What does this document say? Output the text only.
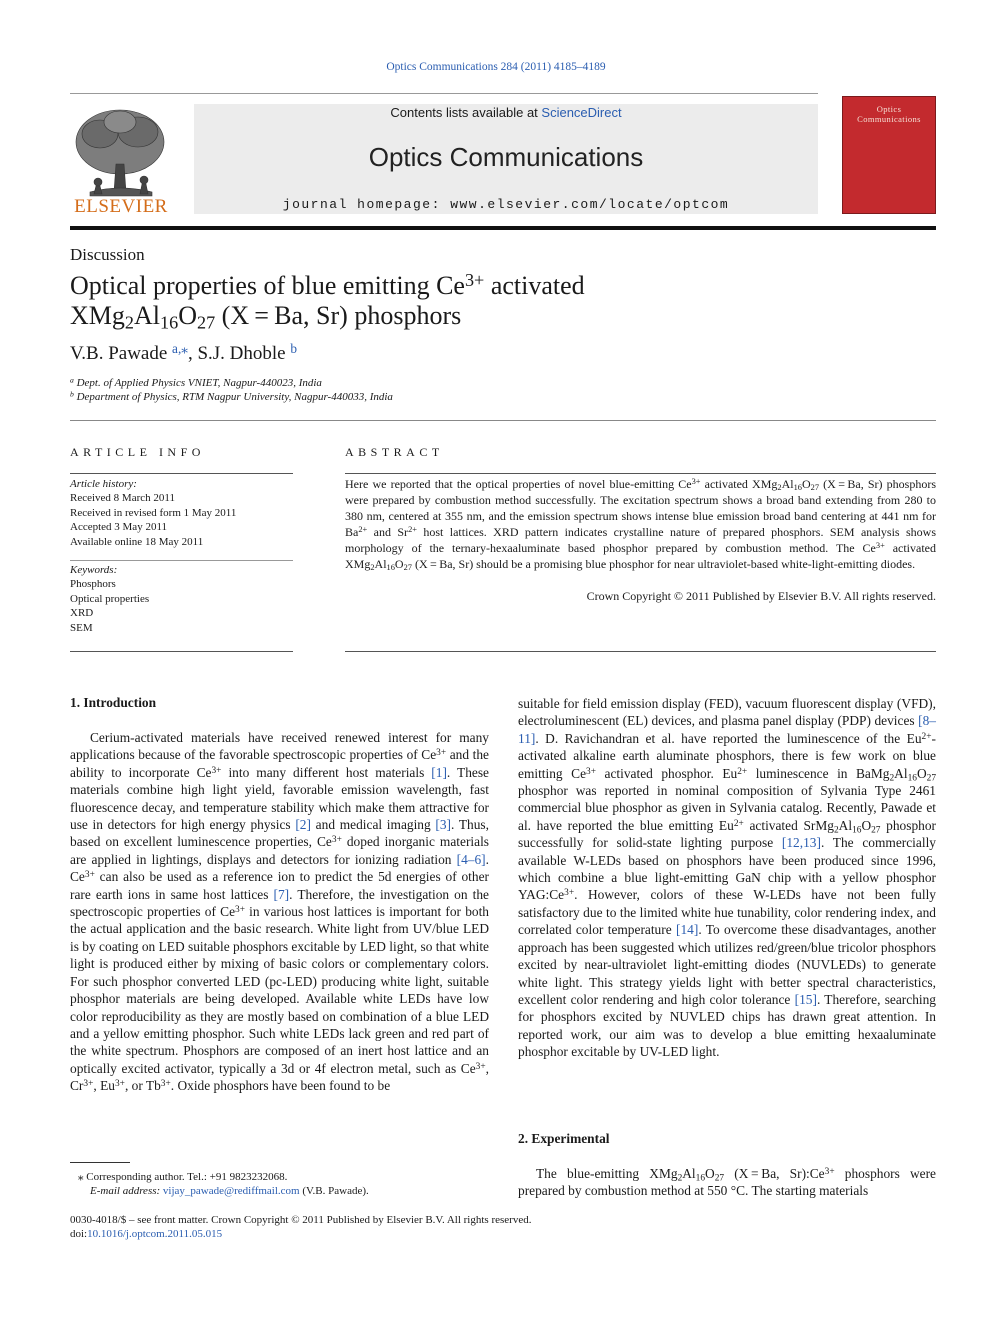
Optics Communications 284 (2011) 4185–4189
ELSEVIER
Contents lists available at ScienceDirect
Optics Communications
journal homepage: www.elsevier.com/locate/optcom
Optics
Communications
Discussion
Optical properties of blue emitting $Ce^{3+}$ activated
$XMg_2Al_{16}O_{27}$ (X = Ba, Sr) phosphors
V.B. Pawade $^{a,⁎}$, S.J. Dhoble $^b$
$^a$ Dept. of Applied Physics VNIET, Nagpur-440023, India
$^b$ Department of Physics, RTM Nagpur University, Nagpur-440033, India
ARTICLE INFO	ABSTRACT
Article history:
Received 8 March 2011
Received in revised form 1 May 2011
Accepted 3 May 2011
Available online 18 May 2011
Keywords:
Phosphors
Optical properties
XRD
SEM
Here we reported that the optical properties of novel blue-emitting $Ce^{3+}$ activated $XMg_2Al_{16}O_{27}$ (X = Ba, Sr) phosphors were prepared by combustion method successfully. The excitation spectrum shows a broad band extending from 280 to 380 nm, centered at 355 nm, and the emission spectrum shows intense blue emission broad band centering at 441 nm for $Ba^{2+}$ and $Sr^{2+}$ host lattices. XRD pattern indicates crystalline nature of prepared phosphors. SEM analysis shows morphology of the ternary-hexaaluminate based phosphor prepared by combustion method. The $Ce^{3+}$ activated $XMg_2Al_{16}O_{27}$ (X = Ba, Sr) should be a promising blue phosphor for near ultraviolet-based white-light-emitting diodes.
Crown Copyright © 2011 Published by Elsevier B.V. All rights reserved.
1. Introduction
Cerium-activated materials have received renewed interest for many applications because of the favorable spectroscopic properties of $Ce^{3+}$ and the ability to incorporate $Ce^{3+}$ into many different host materials [1]. These materials combine high light yield, favorable emission wavelength, fast fluorescence decay, and temperature stability which make them attractive for use in detectors for high energy physics [2] and medical imaging [3]. Thus, based on excellent luminescence properties, $Ce^{3+}$ doped inorganic materials are applied in lightings, displays and detectors for ionizing radiation [4–6]. $Ce^{3+}$ can also be used as a reference ion to predict the 5d energies of other rare earth ions in same host lattices [7]. Therefore, the investigation on the spectroscopic properties of $Ce^{3+}$ in various host lattices is important for both the actual application and the basic research. White light from UV/blue LED is by coating on LED suitable phosphors excitable by LED light, so that white light is produced either by mixing of basic colors or complementary colors. For such phosphor converted LED (pc-LED) producing white light, suitable phosphor materials are being developed. Available white LEDs have low color reproducibility as they are mostly based on combination of a blue LED and a yellow emitting phosphor. Such white LEDs lack green and red part of the white spectrum. Phosphors are composed of an inert host lattice and an optically excited activator, typically a 3d or 4f electron metal, such as $Ce^{3+}$, $Cr^{3+}$, $Eu^{3+}$, or $Tb^{3+}$. Oxide phosphors have been found to be
suitable for field emission display (FED), vacuum fluorescent display (VFD), electroluminescent (EL) devices, and plasma panel display (PDP) devices [8–11]. D. Ravichandran et al. have reported the luminescence of the $Eu^{2+}$-activated alkaline earth aluminate phosphors, there is few work on blue emitting $Ce^{3+}$ activated phosphor. $Eu^{2+}$ luminescence in $BaMg_2Al_{16}O_{27}$ phosphor was reported in nominal composition of Sylvania Type 2461 commercial blue phosphor as given in Sylvania catalog. Recently, Pawade et al. have reported the blue emitting $Eu^{2+}$ activated $SrMg_2Al_{16}O_{27}$ phosphor successfully for solid-state lighting purpose [12,13]. The commercially available W-LEDs based on phosphors have been produced since 1996, which combine a blue light-emitting GaN chip with a yellow phosphor $YAG:Ce^{3+}$. However, colors of these W-LEDs have not been fully satisfactory due to the limited white hue tunability, color rendering index, and correlated color temperature [14]. To overcome these disadvantages, another approach has been suggested which utilizes red/green/blue tricolor phosphors excited by near-ultraviolet light-emitting diodes (NUVLEDs) to generate white light. This strategy yields light with better spectral characteristics, excellent color rendering and high color tolerance [15]. Therefore, searching for phosphors excited by NUVLED chips has drawn great attention. In reported work, our aim was to develop a blue emitting hexaaluminate phosphor excitable by UV-LED light.
2. Experimental
The blue-emitting $XMg_2Al_{16}O_{27}$ (X = Ba, $Sr):Ce^{3+}$ phosphors were prepared by combustion method at 550 °C. The starting materials
⁎ Corresponding author. Tel.: +91 9823232068.
E-mail address: vijay_pawade@rediffmail.com (V.B. Pawade).
0030-4018/$ – see front matter. Crown Copyright © 2011 Published by Elsevier B.V. All rights reserved.
doi:10.1016/j.optcom.2011.05.015
